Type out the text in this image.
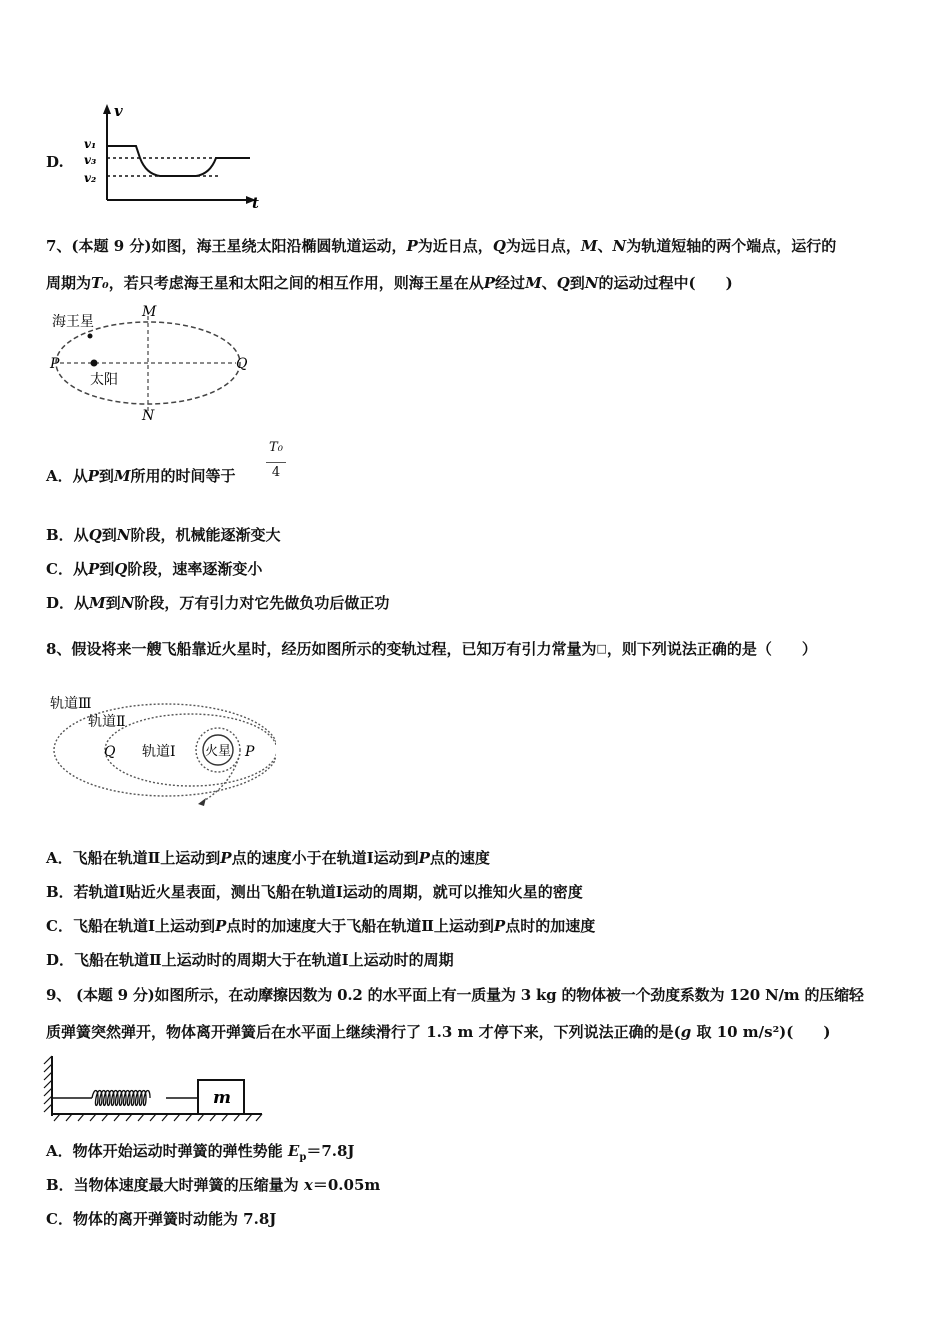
D.
v
t
v₁
v₃
v₂
7、(本题 9 分)如图，海王星绕太阳沿椭圆轨道运动，P为近日点，Q为远日点，M、N为轨道短轴的两个端点，运行的
周期为T₀，若只考虑海王星和太阳之间的相互作用，则海王星在从P经过M、Q到N的运动过程中(　　)
海王星
太阳
M
N
P	Q
A．从P到M所用的时间等于
T₀
4
B．从Q到N阶段，机械能逐渐变大
C．从P到Q阶段，速率逐渐变小
D．从M到N阶段，万有引力对它先做负功后做正功
8、假设将来一艘飞船靠近火星时，经历如图所示的变轨过程，已知万有引力常量为□，则下列说法正确的是（　　）
轨道Ⅲ
轨道Ⅱ
轨道Ⅰ 火星
Q	P
A．飞船在轨道Ⅱ上运动到P点的速度小于在轨道Ⅰ运动到P点的速度
B．若轨道Ⅰ贴近火星表面，测出飞船在轨道Ⅰ运动的周期，就可以推知火星的密度
C．飞船在轨道Ⅰ上运动到P点时的加速度大于飞船在轨道Ⅱ上运动到P点时的加速度
D．飞船在轨道Ⅱ上运动时的周期大于在轨道Ⅰ上运动时的周期
9、 (本题 9 分)如图所示，在动摩擦因数为 0.2 的水平面上有一质量为 3 kg 的物体被一个劲度系数为 120 N/m 的压缩轻
质弹簧突然弹开，物体离开弹簧后在水平面上继续滑行了 1.3 m 才停下来，下列说法正确的是(g 取 10 m/s²)(　　)
m
A．物体开始运动时弹簧的弹性势能 $E_p=7.8J$
B．当物体速度最大时弹簧的压缩量为 x＝0.05m
C．物体的离开弹簧时动能为 7.8J
